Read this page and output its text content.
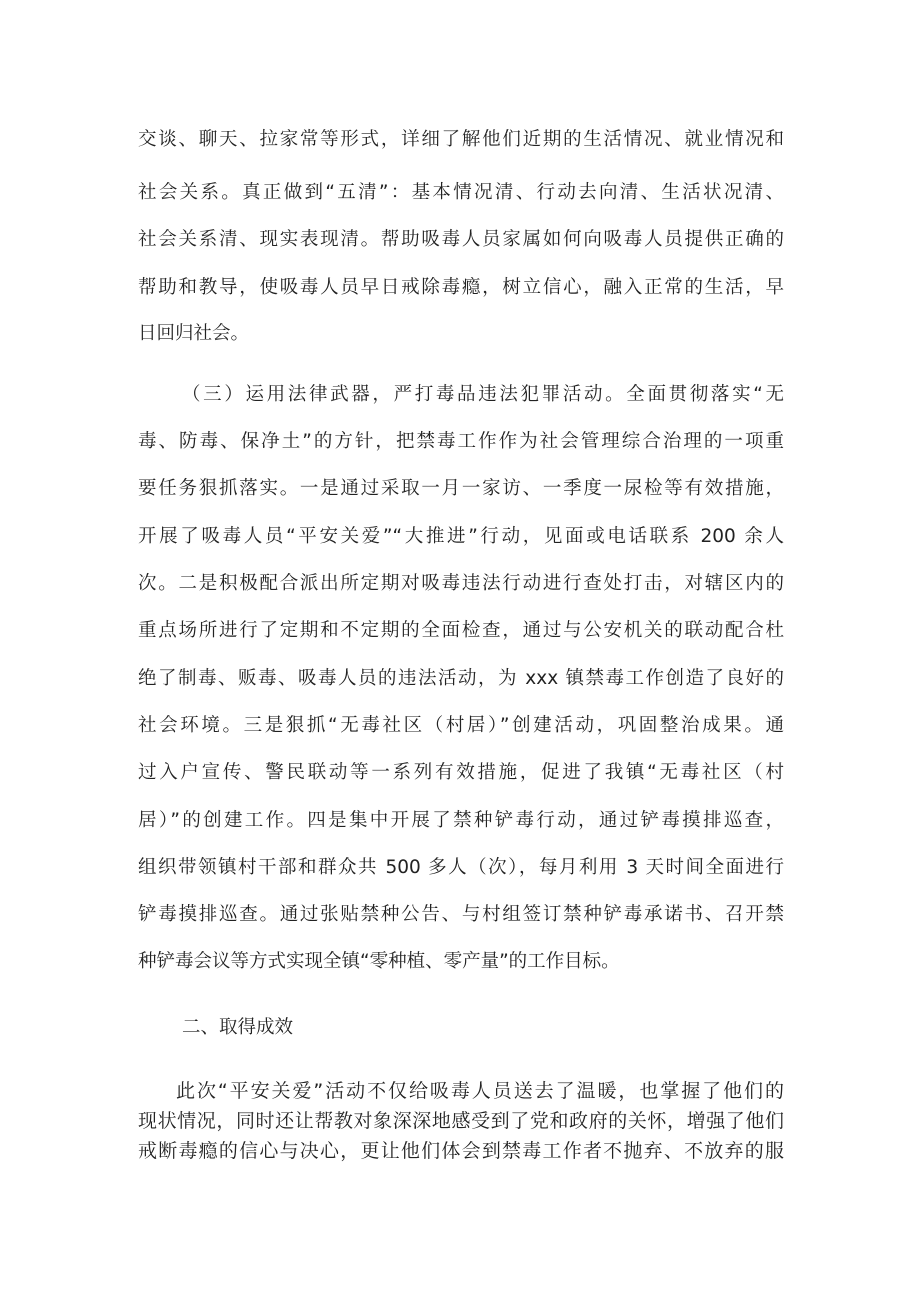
交谈、聊天、拉家常等形式，详细了解他们近期的生活情况、就业情况和
社会关系。真正做到“五清”：基本情况清、行动去向清、生活状况清、
社会关系清、现实表现清。帮助吸毒人员家属如何向吸毒人员提供正确的
帮助和教导，使吸毒人员早日戒除毒瘾，树立信心，融入正常的生活，早
日回归社会。
（三）运用法律武器，严打毒品违法犯罪活动。全面贯彻落实“无
毒、防毒、保净土”的方针，把禁毒工作作为社会管理综合治理的一项重
要任务狠抓落实。一是通过采取一月一家访、一季度一尿检等有效措施，
开展了吸毒人员“平安关爱”“大推进”行动，见面或电话联系 200 余人
次。二是积极配合派出所定期对吸毒违法行动进行查处打击，对辖区内的
重点场所进行了定期和不定期的全面检查，通过与公安机关的联动配合杜
绝了制毒、贩毒、吸毒人员的违法活动，为 xxx 镇禁毒工作创造了良好的
社会环境。三是狠抓“无毒社区（村居）”创建活动，巩固整治成果。通
过入户宣传、警民联动等一系列有效措施，促进了我镇“无毒社区（村
居）”的创建工作。四是集中开展了禁种铲毒行动，通过铲毒摸排巡查，
组织带领镇村干部和群众共 500 多人（次），每月利用 3 天时间全面进行
铲毒摸排巡查。通过张贴禁种公告、与村组签订禁种铲毒承诺书、召开禁
种铲毒会议等方式实现全镇“零种植、零产量”的工作目标。
二、取得成效
此次“平安关爱”活动不仅给吸毒人员送去了温暖，也掌握了他们的
现状情况，同时还让帮教对象深深地感受到了党和政府的关怀，增强了他们
戒断毒瘾的信心与决心，更让他们体会到禁毒工作者不抛弃、不放弃的服
